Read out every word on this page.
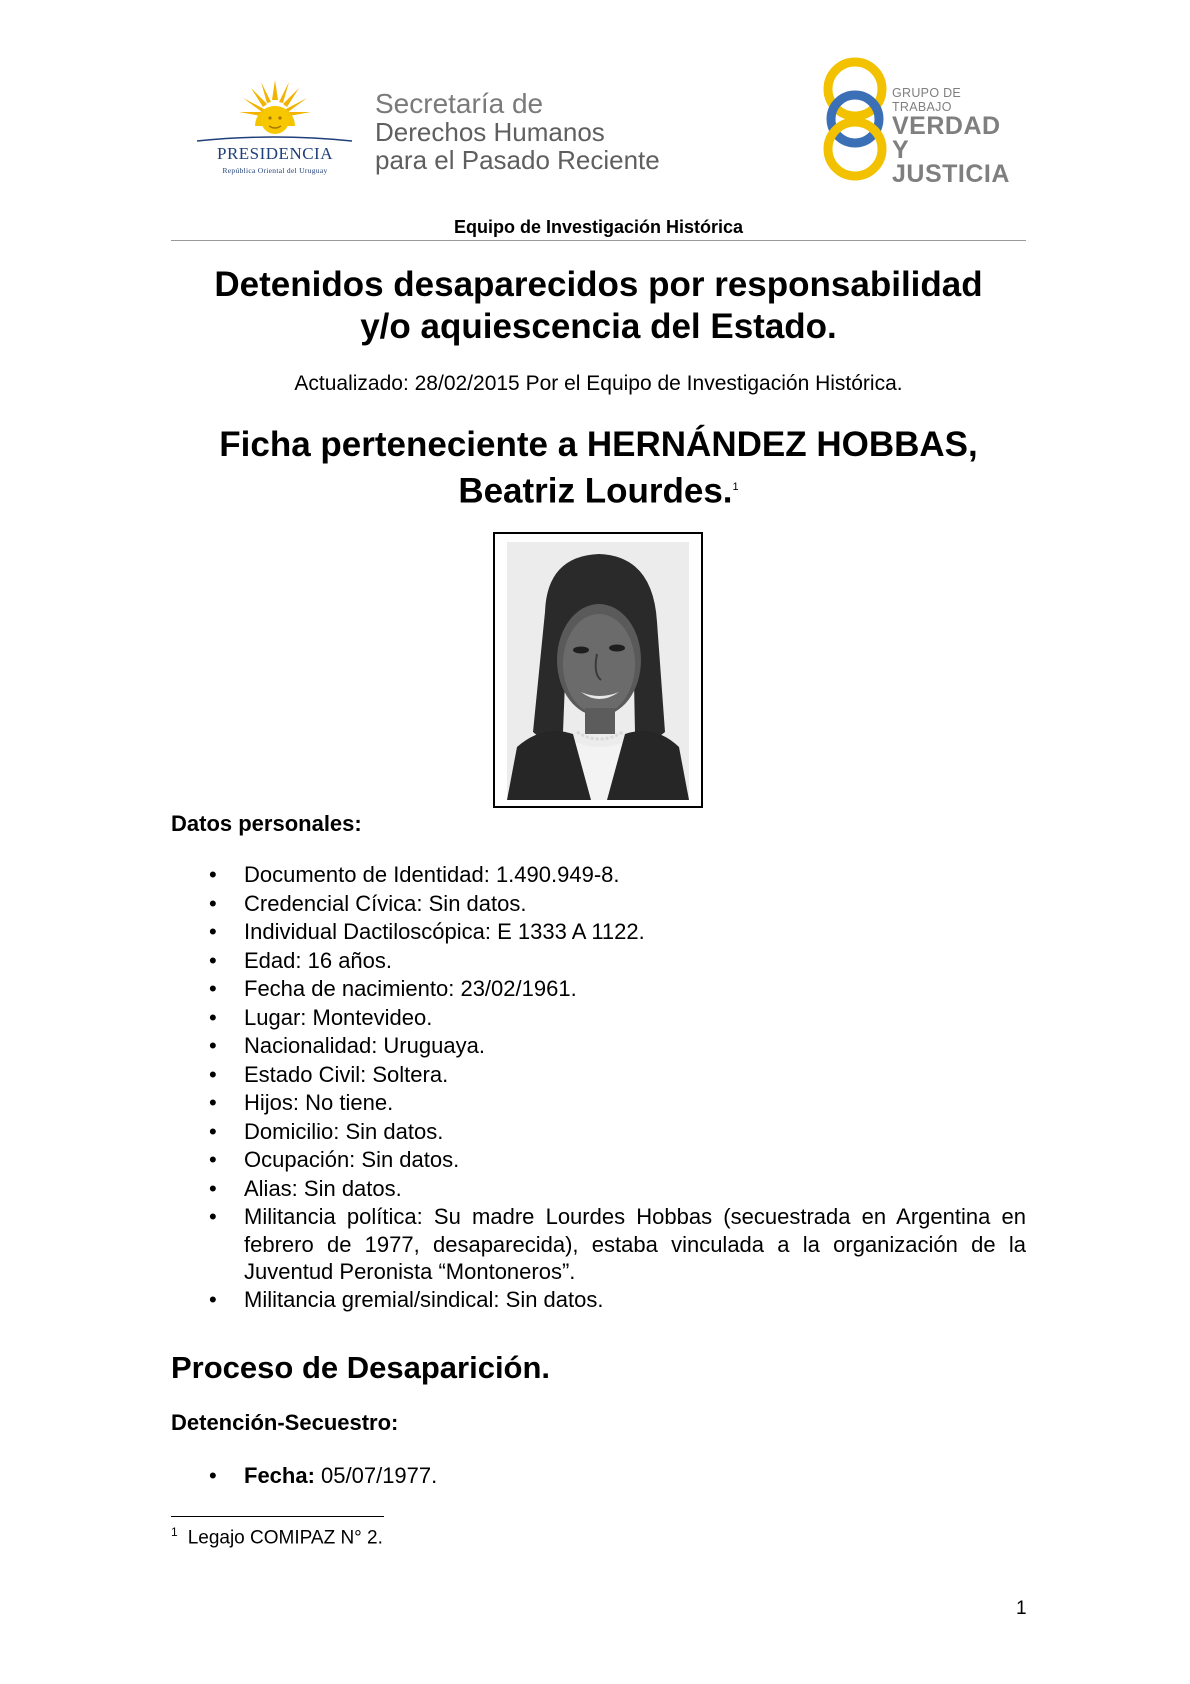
PRESIDENCIA
República Oriental del Uruguay
Secretaría de
Derechos Humanos
para el Pasado Reciente
GRUPO DE TRABAJO
VERDAD Y
JUSTICIA
Equipo de Investigación Histórica
Detenidos desaparecidos por responsabilidad
y/o aquiescencia del Estado.
Actualizado: 28/02/2015 Por el Equipo de Investigación Histórica.
Ficha perteneciente a HERNÁNDEZ HOBBAS,
Beatriz Lourdes.$^1$
Datos personales:
• Documento de Identidad: 1.490.949-8.
• Credencial Cívica: Sin datos.
• Individual Dactiloscópica: E 1333 A 1122.
• Edad: 16 años.
• Fecha de nacimiento: 23/02/1961.
• Lugar: Montevideo.
• Nacionalidad: Uruguaya.
• Estado Civil: Soltera.
• Hijos: No tiene.
• Domicilio: Sin datos.
• Ocupación: Sin datos.
• Alias: Sin datos.
• Militancia política: Su madre Lourdes Hobbas (secuestrada en Argentina en febrero de 1977, desaparecida), estaba vinculada a la organización de la Juventud Peronista “Montoneros”.
• Militancia gremial/sindical: Sin datos.
Proceso de Desaparición.
Detención-Secuestro:
• Fecha: 05/07/1977.
$^1$ Legajo COMIPAZ N° 2.
1
